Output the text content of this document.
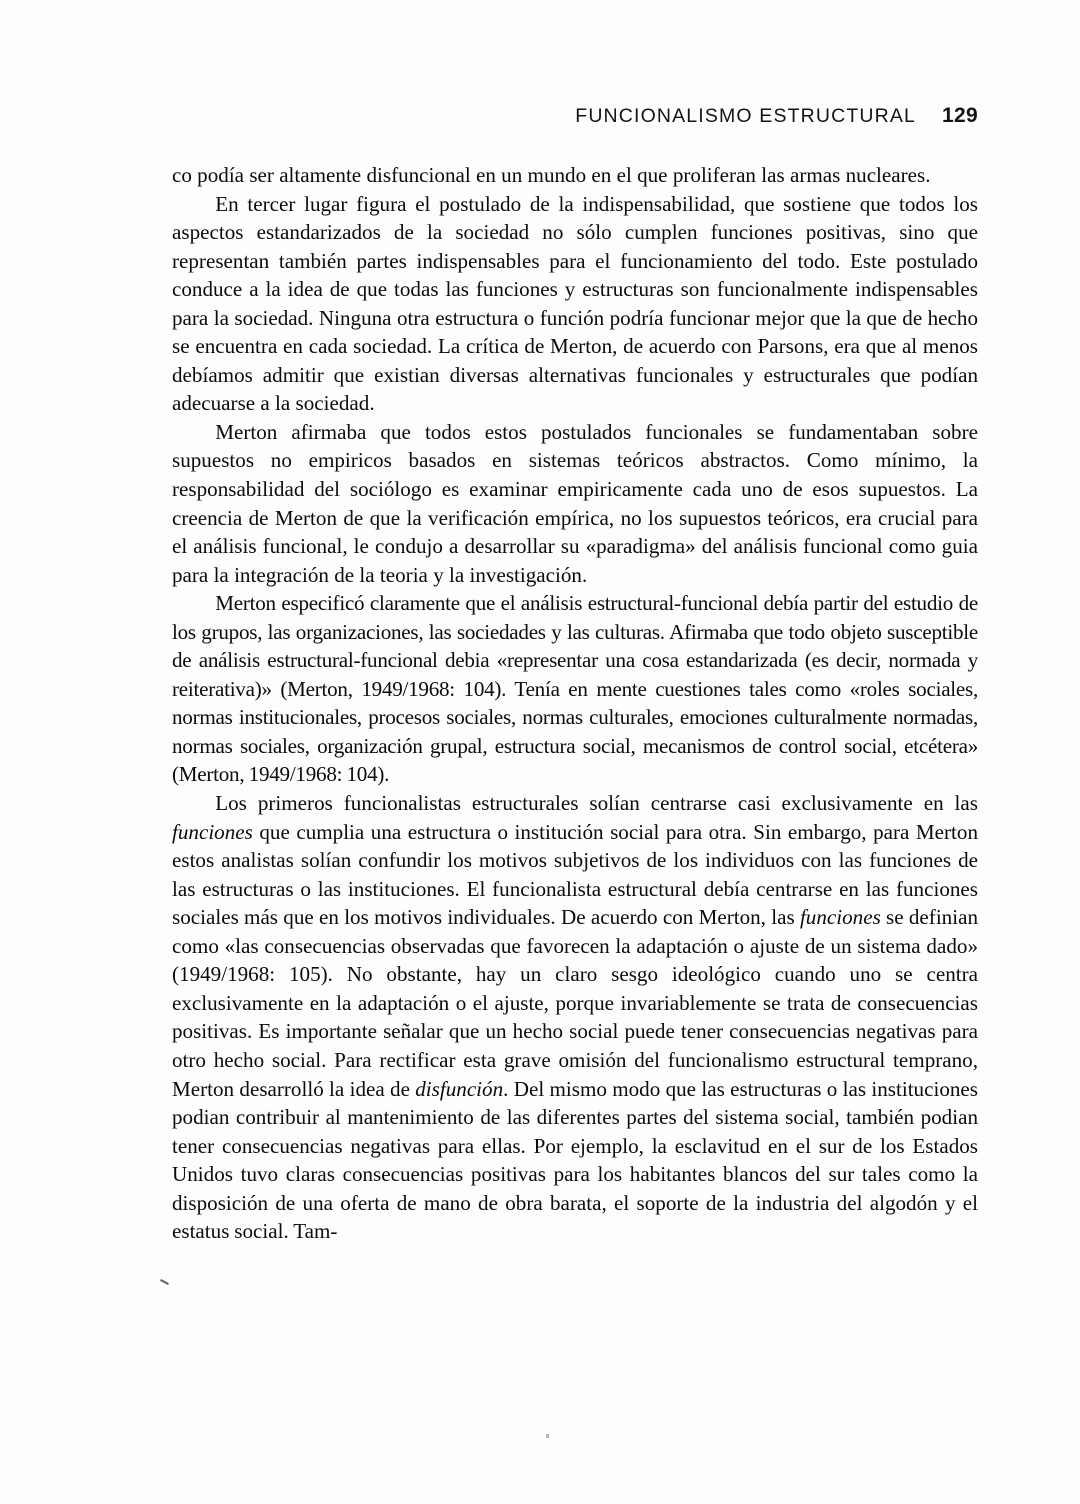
FUNCIONALISMO ESTRUCTURAL 129

co podía ser altamente disfuncional en un mundo en el que proliferan las armas nucleares.

En tercer lugar figura el postulado de la indispensabilidad, que sostiene que todos los aspectos estandarizados de la sociedad no sólo cumplen funciones positivas, sino que representan también partes indispensables para el funcionamiento del todo. Este postulado conduce a la idea de que todas las funciones y estructuras son funcionalmente indispensables para la sociedad. Ninguna otra estructura o función podría funcionar mejor que la que de hecho se encuentra en cada sociedad. La crítica de Merton, de acuerdo con Parsons, era que al menos debíamos admitir que existian diversas alternativas funcionales y estructurales que podían adecuarse a la sociedad.

Merton afirmaba que todos estos postulados funcionales se fundamentaban sobre supuestos no empiricos basados en sistemas teóricos abstractos. Como mínimo, la responsabilidad del sociólogo es examinar empiricamente cada uno de esos supuestos. La creencia de Merton de que la verificación empírica, no los supuestos teóricos, era crucial para el análisis funcional, le condujo a desarrollar su «paradigma» del análisis funcional como guia para la integración de la teoria y la investigación.

Merton especificó claramente que el análisis estructural-funcional debía partir del estudio de los grupos, las organizaciones, las sociedades y las culturas. Afirmaba que todo objeto susceptible de análisis estructural-funcional debia «representar una cosa estandarizada (es decir, normada y reiterativa)» (Merton, 1949/1968: 104). Tenía en mente cuestiones tales como «roles sociales, normas institucionales, procesos sociales, normas culturales, emociones culturalmente normadas, normas sociales, organización grupal, estructura social, mecanismos de control social, etcétera» (Merton, 1949/1968: 104).

Los primeros funcionalistas estructurales solían centrarse casi exclusivamente en las funciones que cumplia una estructura o institución social para otra. Sin embargo, para Merton estos analistas solían confundir los motivos subjetivos de los individuos con las funciones de las estructuras o las instituciones. El funcionalista estructural debía centrarse en las funciones sociales más que en los motivos individuales. De acuerdo con Merton, las funciones se definian como «las consecuencias observadas que favorecen la adaptación o ajuste de un sistema dado» (1949/1968: 105). No obstante, hay un claro sesgo ideológico cuando uno se centra exclusivamente en la adaptación o el ajuste, porque invariablemente se trata de consecuencias positivas. Es importante señalar que un hecho social puede tener consecuencias negativas para otro hecho social. Para rectificar esta grave omisión del funcionalismo estructural temprano, Merton desarrolló la idea de disfunción. Del mismo modo que las estructuras o las instituciones podian contribuir al mantenimiento de las diferentes partes del sistema social, también podian tener consecuencias negativas para ellas. Por ejemplo, la esclavitud en el sur de los Estados Unidos tuvo claras consecuencias positivas para los habitantes blancos del sur tales como la disposición de una oferta de mano de obra barata, el soporte de la industria del algodón y el estatus social. Tam-
